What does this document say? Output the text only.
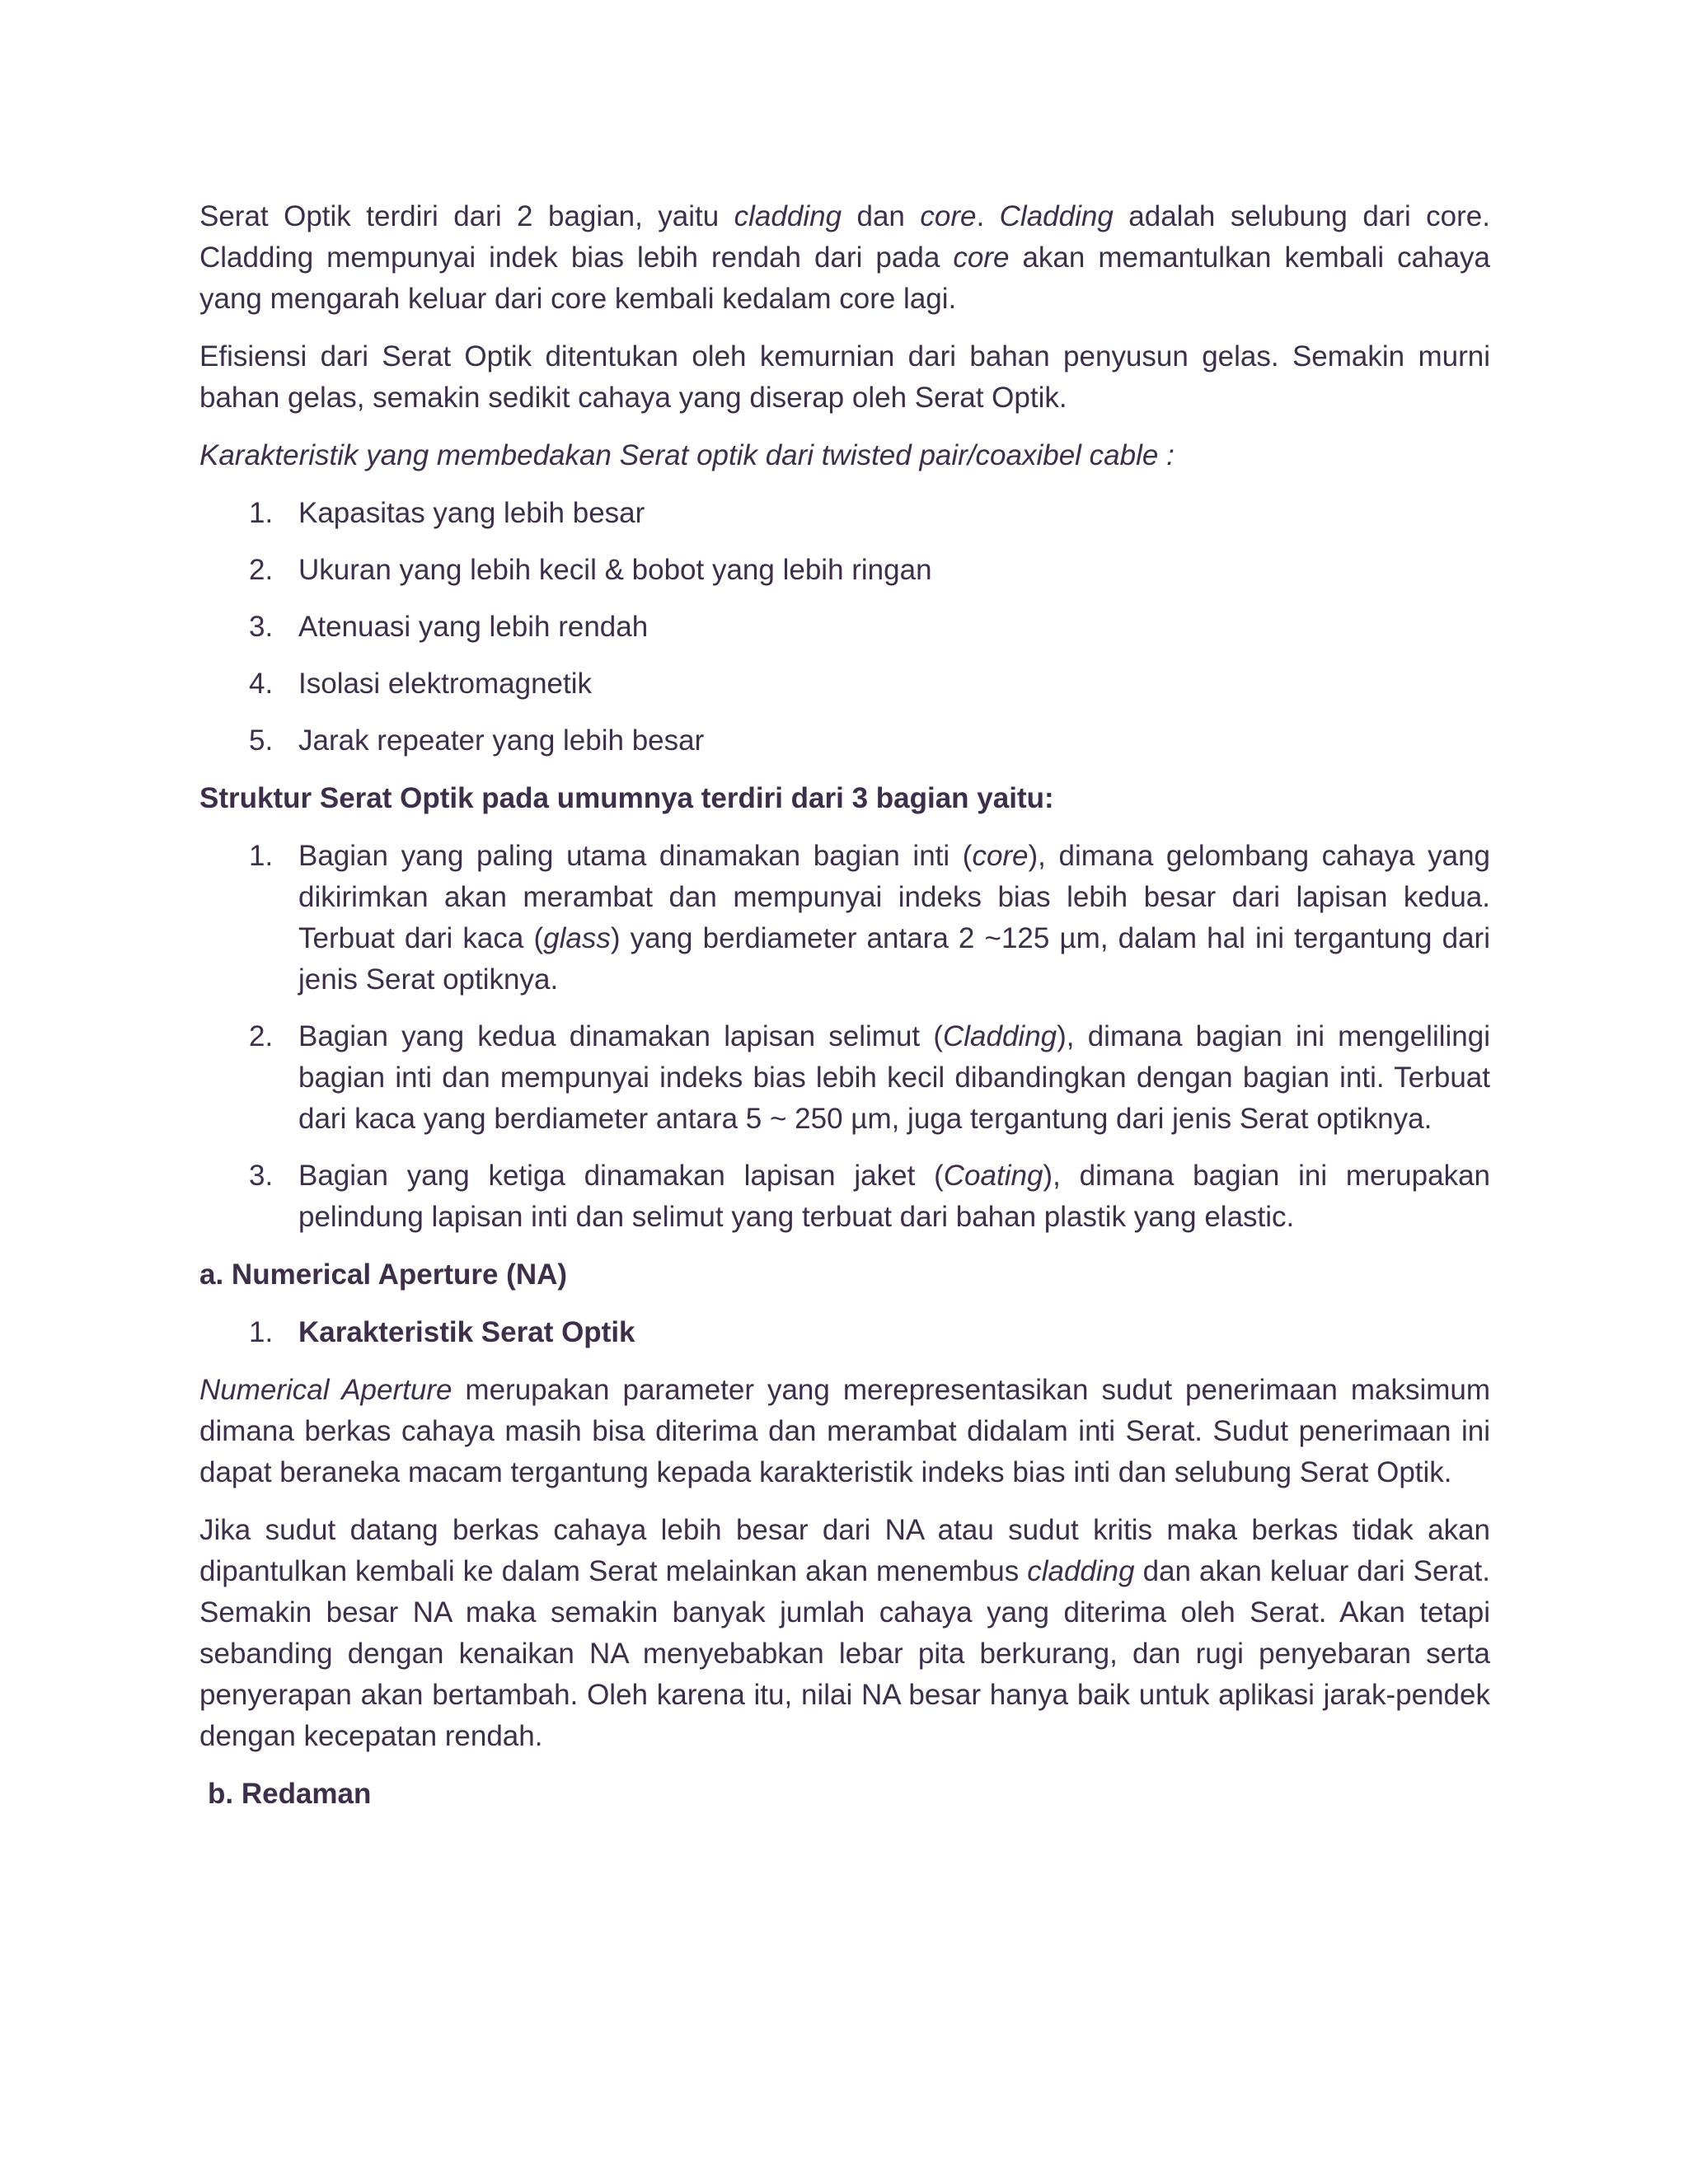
Serat Optik terdiri dari 2 bagian, yaitu cladding dan core. Cladding adalah selubung dari core. Cladding mempunyai indek bias lebih rendah dari pada core akan memantulkan kembali cahaya yang mengarah keluar dari core kembali kedalam core lagi.

Efisiensi dari Serat Optik ditentukan oleh kemurnian dari bahan penyusun gelas. Semakin murni bahan gelas, semakin sedikit cahaya yang diserap oleh Serat Optik.

Karakteristik yang membedakan Serat optik dari twisted pair/coaxibel cable :

1. Kapasitas yang lebih besar
2. Ukuran yang lebih kecil & bobot yang lebih ringan
3. Atenuasi yang lebih rendah
4. Isolasi elektromagnetik
5. Jarak repeater yang lebih besar

Struktur Serat Optik pada umumnya terdiri dari 3 bagian yaitu:

1. Bagian yang paling utama dinamakan bagian inti (core), dimana gelombang cahaya yang dikirimkan akan merambat dan mempunyai indeks bias lebih besar dari lapisan kedua. Terbuat dari kaca (glass) yang berdiameter antara 2 ~125 µm, dalam hal ini tergantung dari jenis Serat optiknya.
2. Bagian yang kedua dinamakan lapisan selimut (Cladding), dimana bagian ini mengelilingi bagian inti dan mempunyai indeks bias lebih kecil dibandingkan dengan bagian inti. Terbuat dari kaca yang berdiameter antara 5 ~ 250 µm, juga tergantung dari jenis Serat optiknya.
3. Bagian yang ketiga dinamakan lapisan jaket (Coating), dimana bagian ini merupakan pelindung lapisan inti dan selimut yang terbuat dari bahan plastik yang elastic.

a. Numerical Aperture (NA)

1. Karakteristik Serat Optik

Numerical Aperture merupakan parameter yang merepresentasikan sudut penerimaan maksimum dimana berkas cahaya masih bisa diterima dan merambat didalam inti Serat. Sudut penerimaan ini dapat beraneka macam tergantung kepada karakteristik indeks bias inti dan selubung Serat Optik.

Jika sudut datang berkas cahaya lebih besar dari NA atau sudut kritis maka berkas tidak akan dipantulkan kembali ke dalam Serat melainkan akan menembus cladding dan akan keluar dari Serat. Semakin besar NA maka semakin banyak jumlah cahaya yang diterima oleh Serat. Akan tetapi sebanding dengan kenaikan NA menyebabkan lebar pita berkurang, dan rugi penyebaran serta penyerapan akan bertambah. Oleh karena itu, nilai NA besar hanya baik untuk aplikasi jarak-pendek dengan kecepatan rendah.

b. Redaman
